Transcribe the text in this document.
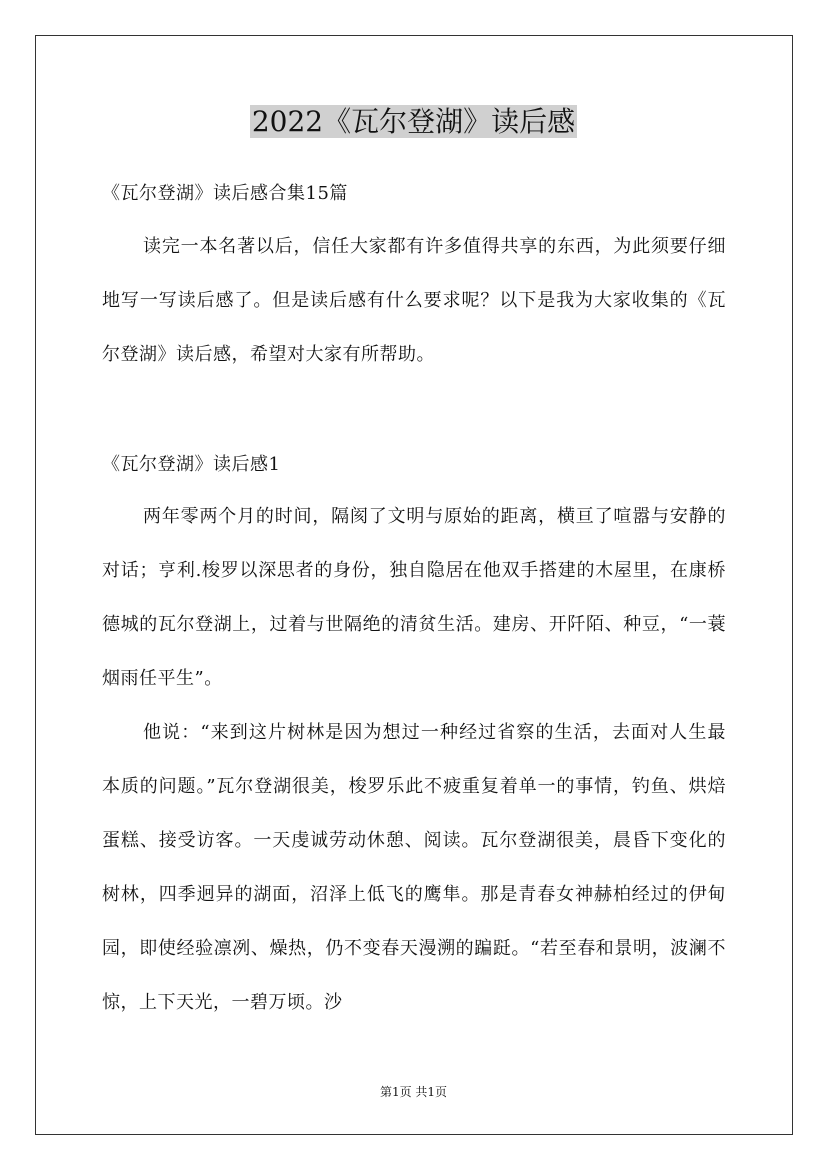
2022《瓦尔登湖》读后感

《瓦尔登湖》读后感合集15篇

读完一本名著以后，信任大家都有许多值得共享的东西，为此须要仔细地写一写读后感了。但是读后感有什么要求呢？以下是我为大家收集的《瓦尔登湖》读后感，希望对大家有所帮助。

《瓦尔登湖》读后感1

两年零两个月的时间，隔阂了文明与原始的距离，横亘了喧嚣与安静的对话；亨利.梭罗以深思者的身份，独自隐居在他双手搭建的木屋里，在康桥德城的瓦尔登湖上，过着与世隔绝的清贫生活。建房、开阡陌、种豆，“一蓑烟雨任平生”。

他说：“来到这片树林是因为想过一种经过省察的生活，去面对人生最本质的问题。”瓦尔登湖很美，梭罗乐此不疲重复着单一的事情，钓鱼、烘焙蛋糕、接受访客。一天虔诚劳动休憩、阅读。瓦尔登湖很美，晨昏下变化的树林，四季迥异的湖面，沼泽上低飞的鹰隼。那是青春女神赫柏经过的伊甸园，即使经验凛冽、燥热，仍不变春天漫溯的蹁跹。“若至春和景明，波澜不惊，上下天光，一碧万顷。沙

第1页 共1页
